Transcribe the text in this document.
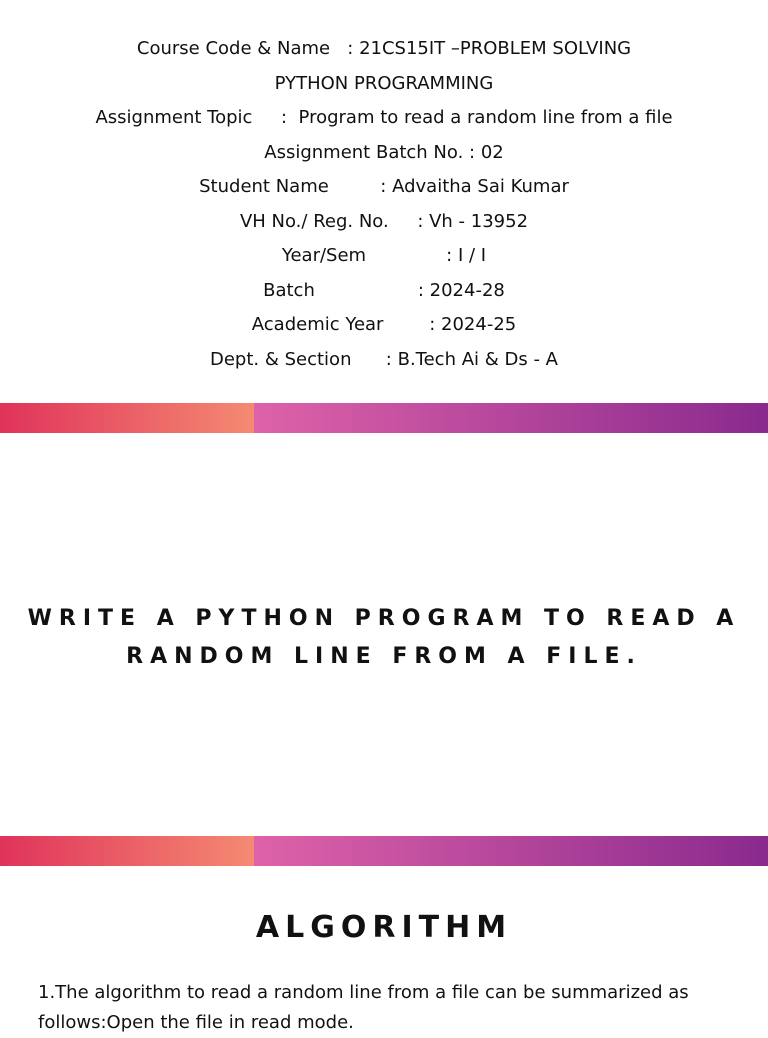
Course Code & Name   : 21CS15IT –PROBLEM SOLVING
PYTHON PROGRAMMING
Assignment Topic     :  Program to read a random line from a file
Assignment Batch No. : 02
Student Name         : Advaitha Sai Kumar
VH No./ Reg. No.     : Vh - 13952
Year/Sem              : I / I
Batch                  : 2024-28
Academic Year        : 2024-25
Dept. & Section      : B.Tech Ai & Ds - A
WRITE A PYTHON PROGRAM TO READ A
RANDOM LINE FROM A FILE.
ALGORITHM
1.The algorithm to read a random line from a file can be summarized as follows:Open the file in read mode.
